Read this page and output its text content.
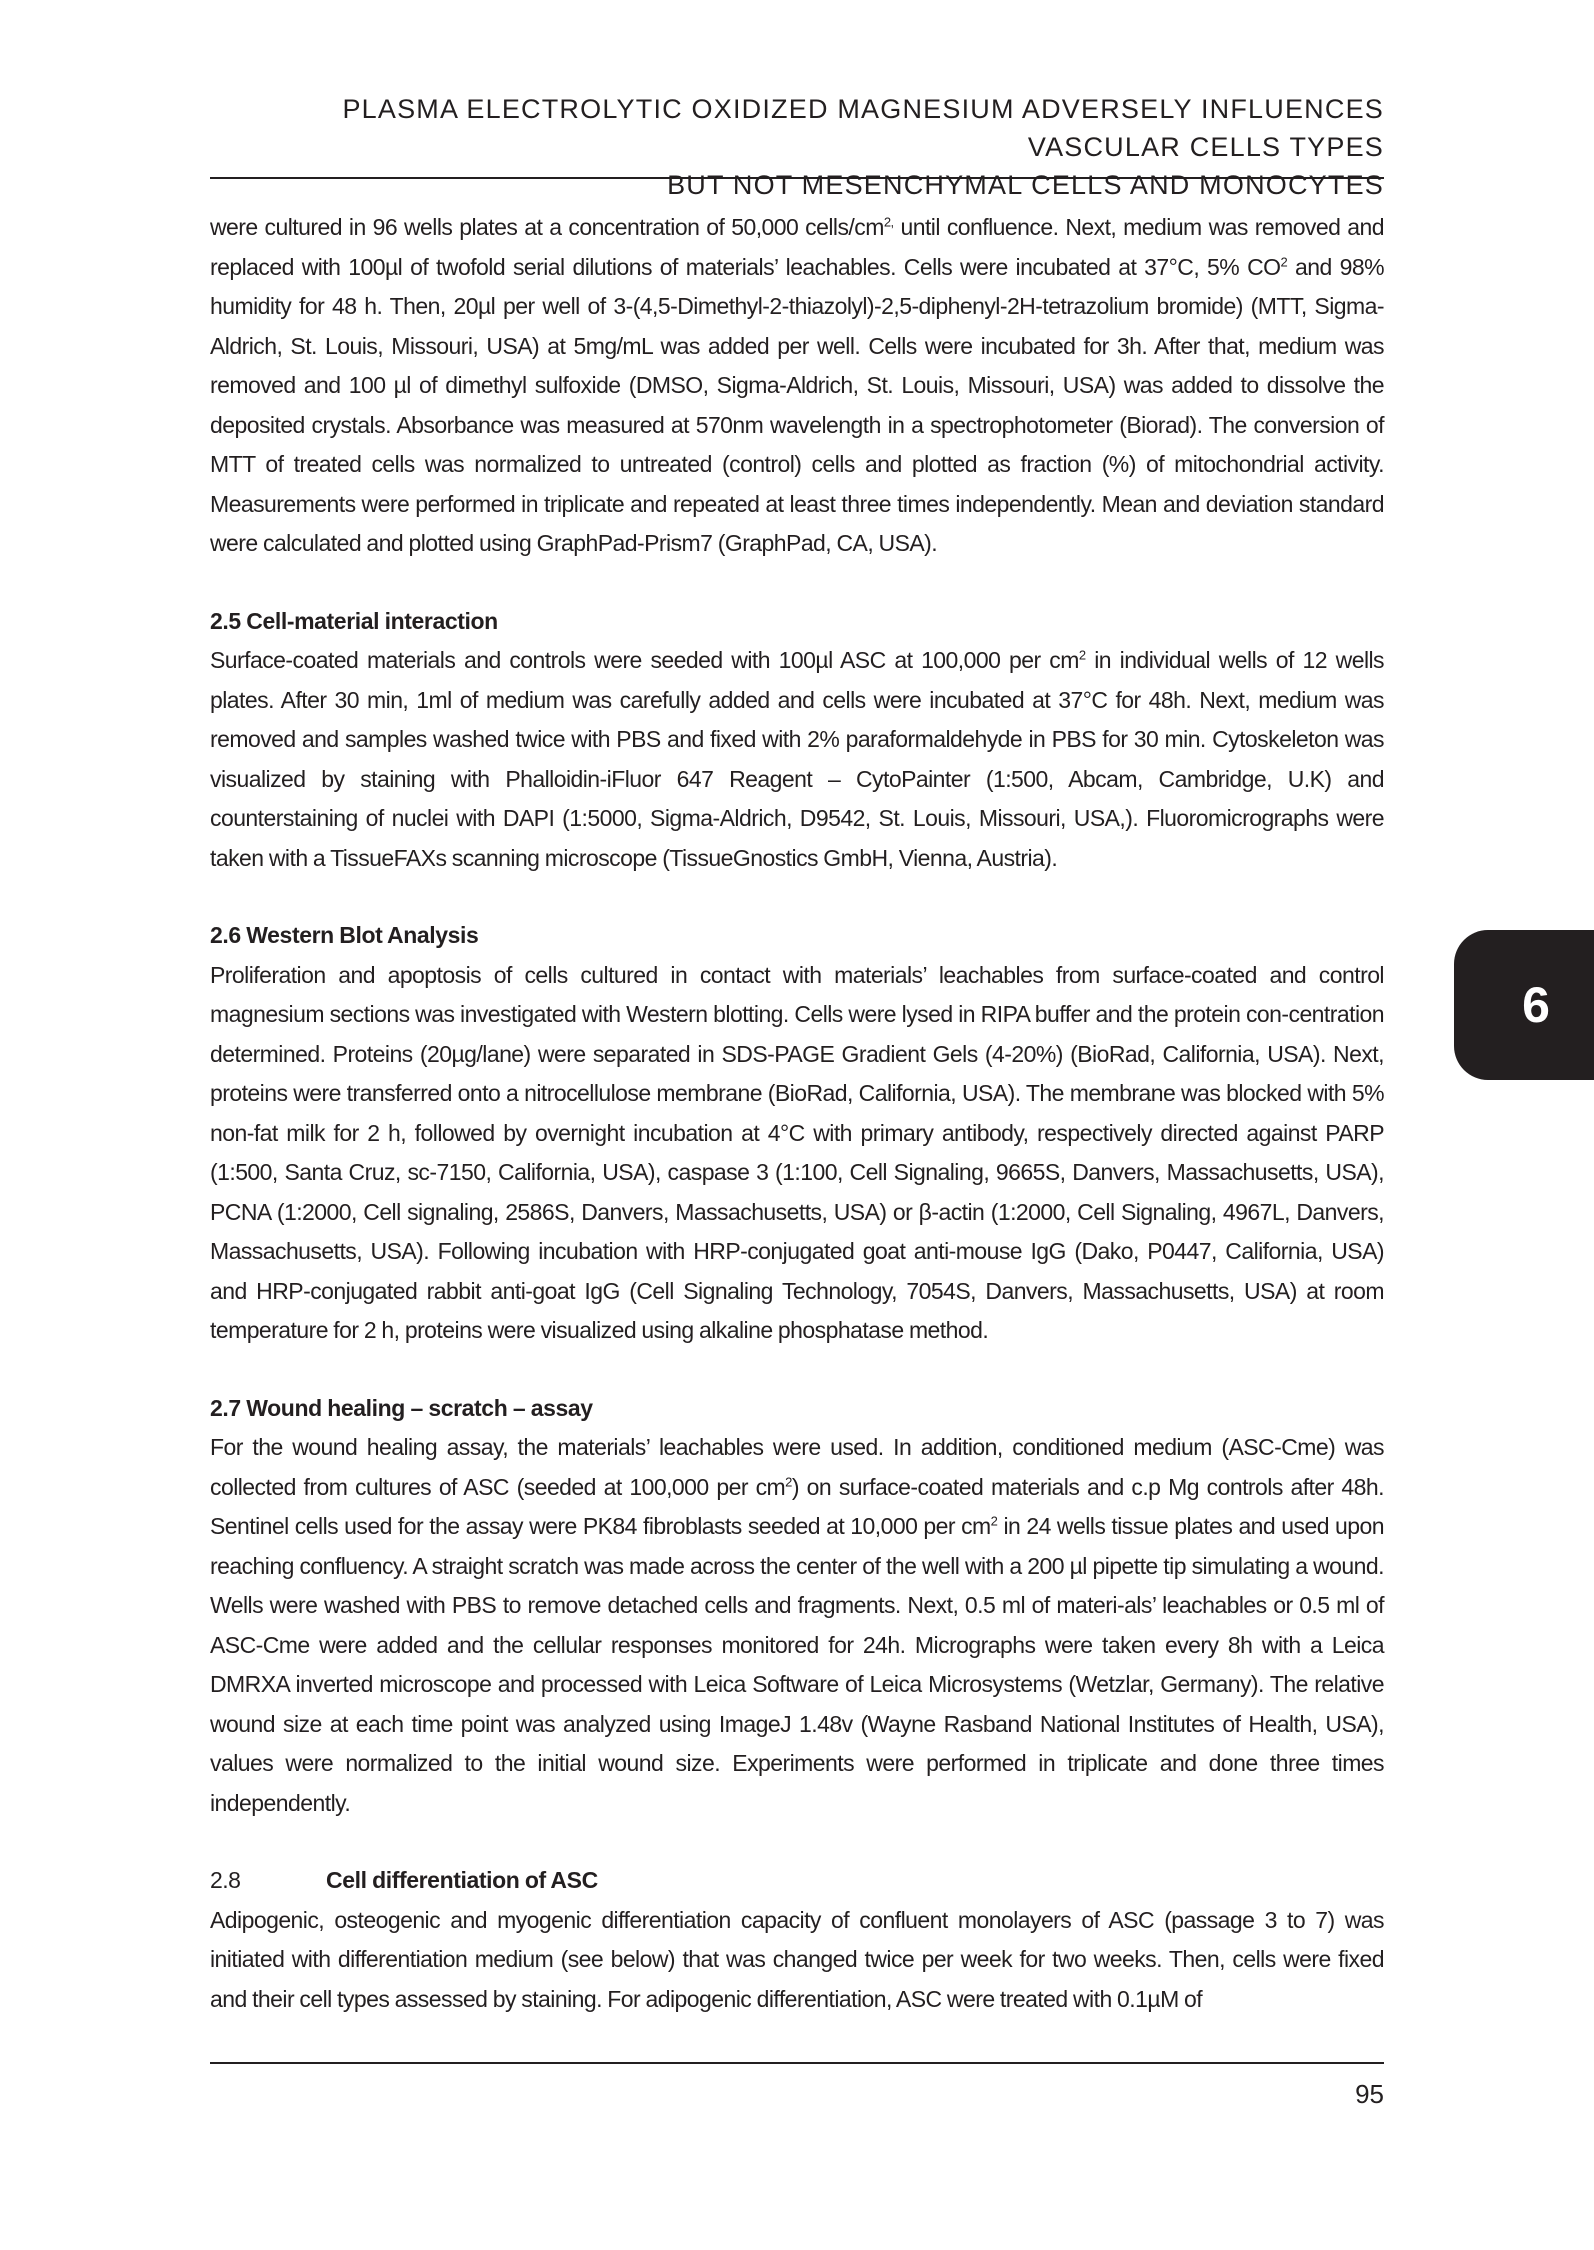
PLASMA ELECTROLYTIC OXIDIZED MAGNESIUM ADVERSELY INFLUENCES VASCULAR CELLS TYPES
BUT NOT MESENCHYMAL CELLS AND MONOCYTES

were cultured in 96 wells plates at a concentration of 50,000 cells/$cm^{2,}$ until confluence. Next, medium was removed and replaced with 100µl of twofold serial dilutions of materials’ leachables. Cells were incubated at 37°C, 5% $CO^2$ and 98% humidity for 48 h. Then, 20µl per well of 3-(4,5-Dimethyl-2-thiazolyl)-2,5-diphenyl-2H-tetrazolium bromide) (MTT, Sigma-Aldrich, St. Louis, Missouri, USA) at 5mg/mL was added per well. Cells were incubated for 3h. After that, medium was removed and 100 µl of dimethyl sulfoxide (DMSO, Sigma-Aldrich, St. Louis, Missouri, USA) was added to dissolve the deposited crystals. Absorbance was measured at 570nm wavelength in a spectrophotometer (Biorad). The conversion of MTT of treated cells was normalized to untreated (control) cells and plotted as fraction (%) of mitochondrial activity. Measurements were performed in triplicate and repeated at least three times independently. Mean and deviation standard were calculated and plotted using GraphPad-Prism7 (GraphPad, CA, USA).

2.5 Cell-material interaction

Surface-coated materials and controls were seeded with 100µl ASC at 100,000 per $cm^2$ in individual wells of 12 wells plates. After 30 min, 1ml of medium was carefully added and cells were incubated at 37°C for 48h. Next, medium was removed and samples washed twice with PBS and fixed with 2% paraformaldehyde in PBS for 30 min. Cytoskeleton was visualized by staining with Phalloidin-iFluor 647 Reagent – CytoPainter (1:500, Abcam, Cambridge, U.K) and counterstaining of nuclei with DAPI (1:5000, Sigma-Aldrich, D9542, St. Louis, Missouri, USA,). Fluoromicrographs were taken with a TissueFAXs scanning microscope (TissueGnostics GmbH, Vienna, Austria).

2.6 Western Blot Analysis

Proliferation and apoptosis of cells cultured in contact with materials’ leachables from surface-coated and control magnesium sections was investigated with Western blotting. Cells were lysed in RIPA buffer and the protein con-centration determined. Proteins (20µg/lane) were separated in SDS-PAGE Gradient Gels (4-20%) (BioRad, California, USA). Next, proteins were transferred onto a nitrocellulose membrane (BioRad, California, USA). The membrane was blocked with 5% non-fat milk for 2 h, followed by overnight incubation at 4°C with primary antibody, respectively directed against PARP (1:500, Santa Cruz, sc-7150, California, USA), caspase 3 (1:100, Cell Signaling, 9665S, Danvers, Massachusetts, USA), PCNA (1:2000, Cell signaling, 2586S, Danvers, Massachusetts, USA) or β-actin (1:2000, Cell Signaling, 4967L, Danvers, Massachusetts, USA). Following incubation with HRP-conjugated goat anti-mouse IgG (Dako, P0447, California, USA) and HRP-conjugated rabbit anti-goat IgG (Cell Signaling Technology, 7054S, Danvers, Massachusetts, USA) at room temperature for 2 h, proteins were visualized using alkaline phosphatase method.

2.7 Wound healing – scratch – assay

For the wound healing assay, the materials’ leachables were used. In addition, conditioned medium (ASC-Cme) was collected from cultures of ASC (seeded at 100,000 per $cm^2$) on surface-coated materials and c.p Mg controls after 48h. Sentinel cells used for the assay were PK84 fibroblasts seeded at 10,000 per $cm^2$ in 24 wells tissue plates and used upon reaching confluency. A straight scratch was made across the center of the well with a 200 µl pipette tip simulating a wound. Wells were washed with PBS to remove detached cells and fragments. Next, 0.5 ml of materi-als’ leachables or 0.5 ml of ASC-Cme were added and the cellular responses monitored for 24h. Micrographs were taken every 8h with a Leica DMRXA inverted microscope and processed with Leica Software of Leica Microsystems (Wetzlar, Germany). The relative wound size at each time point was analyzed using ImageJ 1.48v (Wayne Rasband National Institutes of Health, USA), values were normalized to the initial wound size. Experiments were performed in triplicate and done three times independently.

2.8	Cell differentiation of ASC

Adipogenic, osteogenic and myogenic differentiation capacity of confluent monolayers of ASC (passage 3 to 7) was initiated with differentiation medium (see below) that was changed twice per week for two weeks. Then, cells were fixed and their cell types assessed by staining. For adipogenic differentiation, ASC were treated with 0.1µM of

6
95
